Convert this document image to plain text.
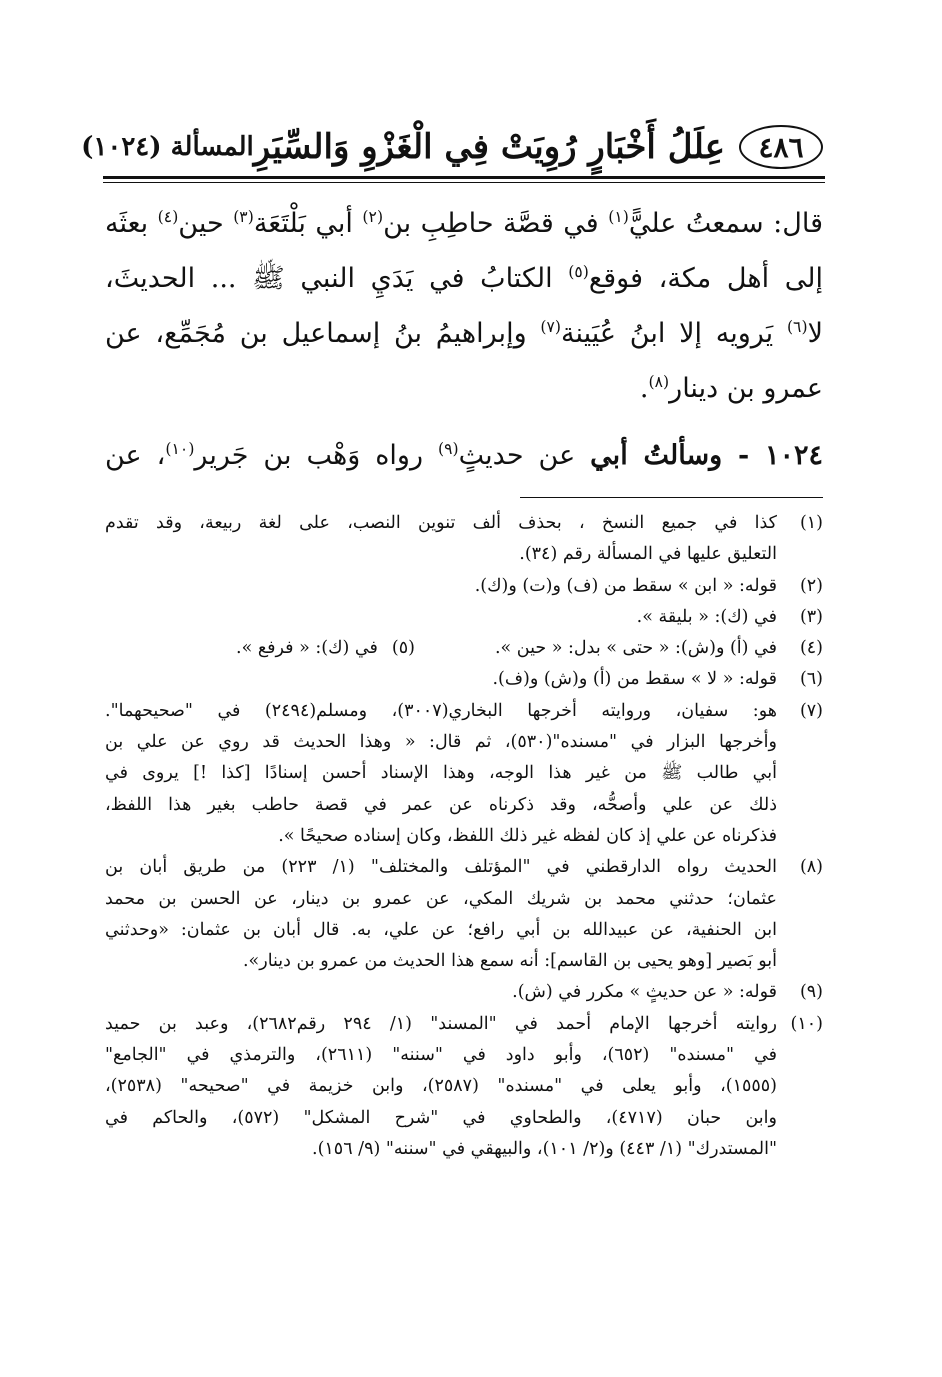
٤٨٦
عِلَلُ أَخْبَارٍ رُوِيَتْ فِي الْغَزْوِ وَالسِّيَرِ
المسألة (١٠٢٤)

قال: سمعتُ عليًّ$^{(١)}$ في قصَّة حاطِبِ بن$^{(٢)}$ أبي بَلْتَعَة$^{(٣)}$ حين$^{(٤)}$ بعثَه

إلى أهل مكة، فوقع$^{(٥)}$ الكتابُ في يَدَيِ النبي ﷺ ... الحديثَ،

لا$^{(٦)}$ يَرويه إلا ابنُ عُيَينة$^{(٧)}$ وإبراهيمُ بنُ إسماعيل بن مُجَمِّع، عن

عمرو بن دينار$^{(٨)}$.

١٠٢٤ - وسألتُ أبي عن حديثٍ$^{(٩)}$ رواه وَهْب بن جَرير$^{(١٠)}$، عن

(١)
كذا في جميع النسخ ، بحذف ألف تنوين النصب، على لغة ربيعة، وقد تقدم
التعليق عليها في المسألة رقم (٣٤).
(٢)
قوله: « ابن » سقط من (ف) و(ت) و(ك).
(٣)
في (ك): « بليقة ».
(٤)
في (أ) و(ش): « حتى » بدل: « حين ».
(٥)
في (ك): « فرفع ».
(٦)
قوله: « لا » سقط من (أ) و(ش) و(ف).
(٧)
هو: سفيان، وروايته أخرجها البخاري(٣٠٠٧)، ومسلم(٢٤٩٤) في "صحيحهما".
وأخرجها البزار في "مسنده"(٥٣٠)، ثم قال: « وهذا الحديث قد روي عن علي بن
أبي طالب ﷺ من غير هذا الوجه، وهذا الإسناد أحسن إسنادًا [كذا !] يروى في
ذلك عن علي وأصحُّه، وقد ذكرناه عن عمر في قصة حاطب بغير هذا اللفظ،
فذكرناه عن علي إذ كان لفظه غير ذلك اللفظ، وكان إسناده صحيحًا ».
(٨)
الحديث رواه الدارقطني في "المؤتلف والمختلف" (١/ ٢٢٣) من طريق أبان بن
عثمان؛ حدثني محمد بن شريك المكي، عن عمرو بن دينار، عن الحسن بن محمد
ابن الحنفية، عن عبيدالله بن أبي رافع؛ عن علي، به. قال أبان بن عثمان: «وحدثني
أبو بَصير [وهو يحيى بن القاسم]: أنه سمع هذا الحديث من عمرو بن دينار».
(٩)
قوله: « عن حديثٍ » مكرر في (ش).
(١٠)
روايته أخرجها الإمام أحمد في "المسند" (١/ ٢٩٤ رقم٢٦٨٢)، وعبد بن حميد
في "مسنده" (٦٥٢)، وأبو داود في "سننه" (٢٦١١)، والترمذي في "الجامع"
(١٥٥٥)، وأبو يعلى في "مسنده" (٢٥٨٧)، وابن خزيمة في "صحيحه" (٢٥٣٨)،
وابن حبان (٤٧١٧)، والطحاوي في "شرح المشكل" (٥٧٢)، والحاكم في
"المستدرك" (١/ ٤٤٣) و(٢/ ١٠١)، والبيهقي في "سننه" (٩/ ١٥٦).
